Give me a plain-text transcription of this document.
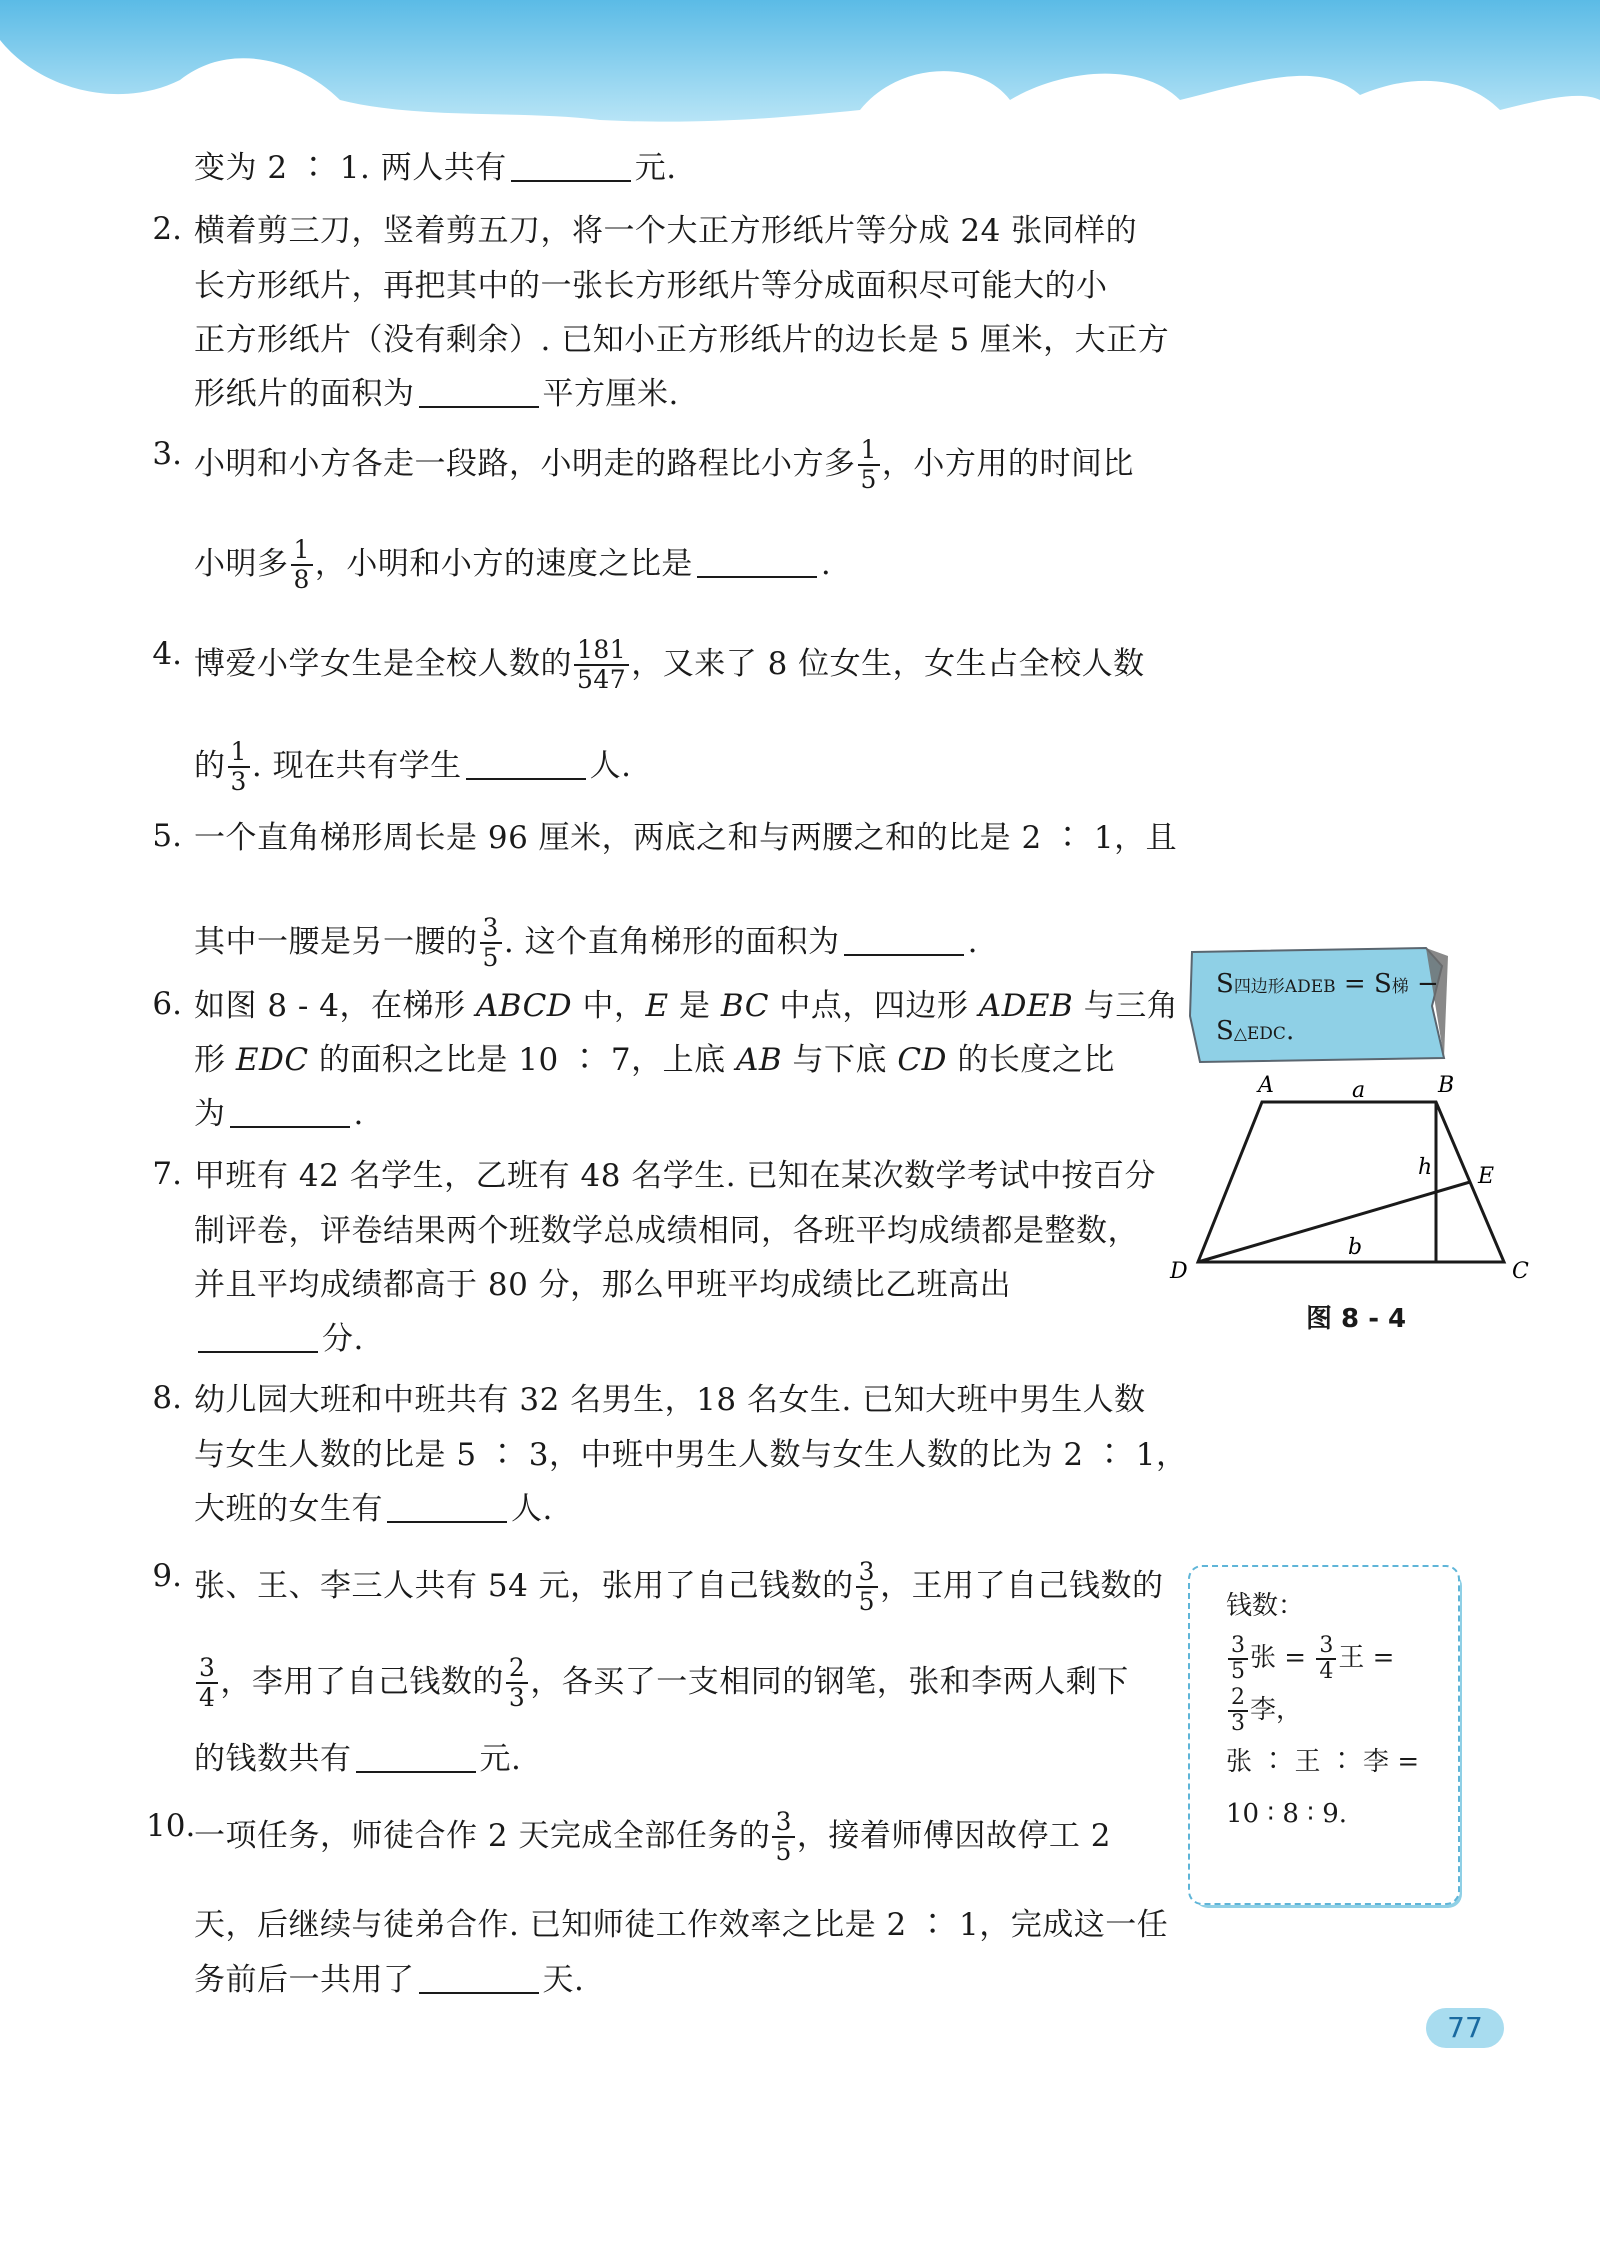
变为 2 ∶ 1. 两人共有	元.
2. 横着剪三刀，竖着剪五刀，将一个大正方形纸片等分成 24 张同样的
长方形纸片，再把其中的一张长方形纸片等分成面积尽可能大的小
正方形纸片（没有剩余）. 已知小正方形纸片的边长是 5 厘米，大正方
形纸片的面积为	平方厘米.
3. 小明和小方各走一段路，小明走的路程比小方多 $\frac{1}{5}$ ，小方用的时间比
小明多 $\frac{1}{8}$ ，小明和小方的速度之比是	.
4. 博爱小学女生是全校人数的 $\frac{181}{547}$ ，又来了 8 位女生，女生占全校人数
的 $\frac{1}{3}$ . 现在共有学生	人.
5. 一个直角梯形周长是 96 厘米，两底之和与两腰之和的比是 2 ∶ 1，且
其中一腰是另一腰的 $\frac{3}{5}$ . 这个直角梯形的面积为	.
6. 如图 8 - 4，在梯形 ABCD 中，E 是 BC 中点，四边形 ADEB 与三角
形 EDC 的面积之比是 10 ∶ 7，上底 AB 与下底 CD 的长度之比
为	.
7. 甲班有 42 名学生，乙班有 48 名学生. 已知在某次数学考试中按百分
制评卷，评卷结果两个班数学总成绩相同，各班平均成绩都是整数，
并且平均成绩都高于 80 分，那么甲班平均成绩比乙班高出
分.
8. 幼儿园大班和中班共有 32 名男生，18 名女生. 已知大班中男生人数
与女生人数的比是 5 ∶ 3，中班中男生人数与女生人数的比为 2 ∶ 1，
大班的女生有	人.
9. 张、王、李三人共有 54 元，张用了自己钱数的 $\frac{3}{5}$ ，王用了自己钱数的
$\frac{3}{4}$ ，李用了自己钱数的 $\frac{2}{3}$ ，各买了一支相同的钢笔，张和李两人剩下
的钱数共有	元.
10.
一项任务，师徒合作 2 天完成全部任务的 $\frac{3}{5}$ ，接着师傅因故停工 2
天，后继续与徒弟合作. 已知师徒工作效率之比是 2 ∶ 1，完成这一任
务前后一共用了	天.
S四边形ADEB = S梯 −
S△EDC.
A	B
C
D
E
a
b
h
图 8 - 4
钱数：
$\frac{3}{5}$ 张 = $\frac{3}{4}$ 王 =
$\frac{2}{3}$ 李，
张 ∶ 王 ∶ 李 =
10 ∶ 8 ∶ 9.
77
